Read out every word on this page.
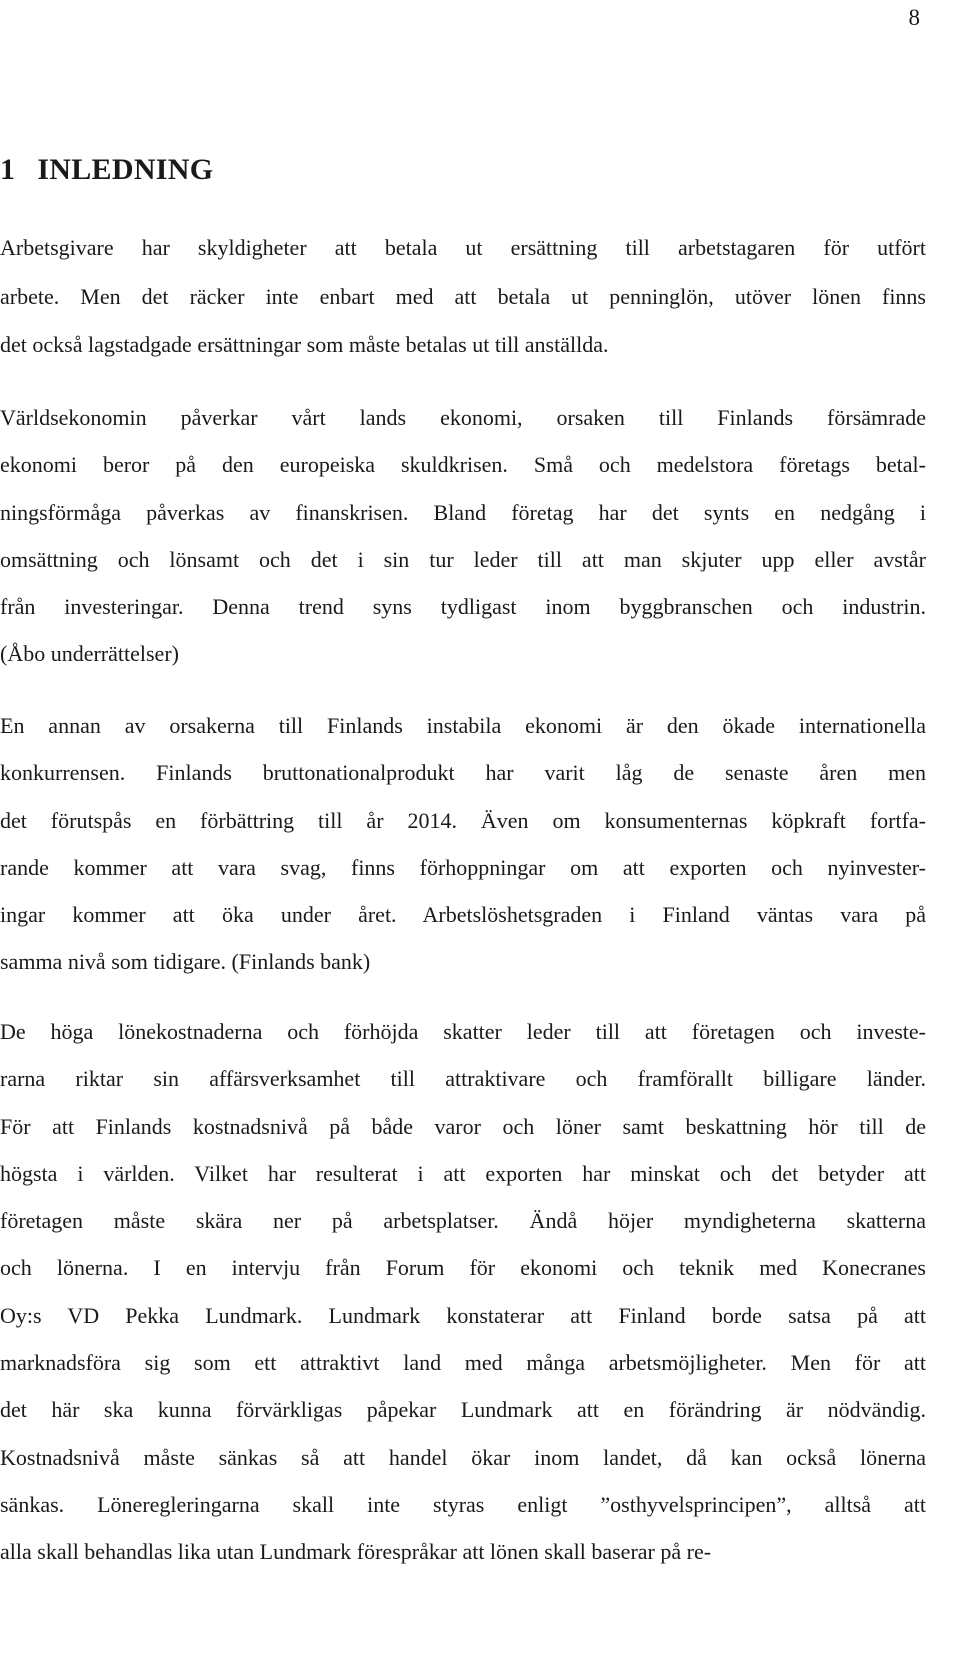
8
1 INLEDNING

Arbetsgivare har skyldigheter att betala ut ersättning till arbetstagaren för utfört
arbete. Men det räcker inte enbart med att betala ut penninglön, utöver lönen finns
det också lagstadgade ersättningar som måste betalas ut till anställda.

Världsekonomin påverkar vårt lands ekonomi, orsaken till Finlands försämrade
ekonomi beror på den europeiska skuldkrisen. Små och medelstora företags betal-
ningsförmåga påverkas av finanskrisen. Bland företag har det synts en nedgång i
omsättning och lönsamt och det i sin tur leder till att man skjuter upp eller avstår
från investeringar. Denna trend syns tydligast inom byggbranschen och industrin.
(Åbo underrättelser)

En annan av orsakerna till Finlands instabila ekonomi är den ökade internationella
konkurrensen. Finlands bruttonationalprodukt har varit låg de senaste åren men
det förutspås en förbättring till år 2014. Även om konsumenternas köpkraft fortfa-
rande kommer att vara svag, finns förhoppningar om att exporten och nyinvester-
ingar kommer att öka under året. Arbetslöshetsgraden i Finland väntas vara på
samma nivå som tidigare. (Finlands bank)

De höga lönekostnaderna och förhöjda skatter leder till att företagen och investe-
rarna riktar sin affärsverksamhet till attraktivare och framförallt billigare länder.
För att Finlands kostnadsnivå på både varor och löner samt beskattning hör till de
högsta i världen. Vilket har resulterat i att exporten har minskat och det betyder att
företagen måste skära ner på arbetsplatser. Ändå höjer myndigheterna skatterna
och lönerna. I en intervju från Forum för ekonomi och teknik med Konecranes
Oy:s VD Pekka Lundmark. Lundmark konstaterar att Finland borde satsa på att
marknadsföra sig som ett attraktivt land med många arbetsmöjligheter. Men för att
det här ska kunna förvärkligas påpekar Lundmark att en förändring är nödvändig.
Kostnadsnivå måste sänkas så att handel ökar inom landet, då kan också lönerna
sänkas. Löneregleringarna skall inte styras enligt ”osthyvelsprincipen”, alltså att
alla skall behandlas lika utan Lundmark förespråkar att lönen skall baserar på re-
